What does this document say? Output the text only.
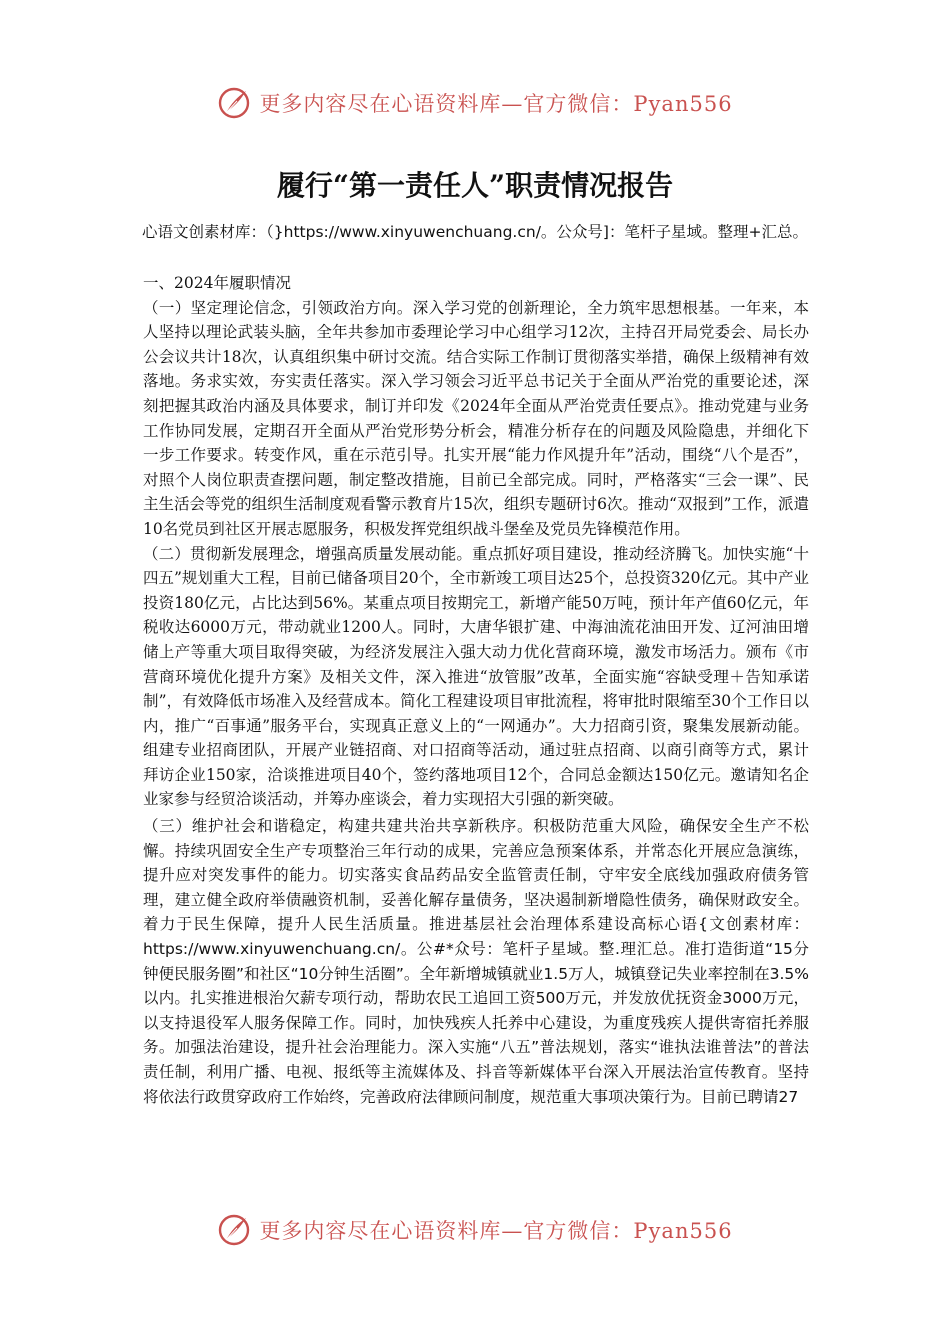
更多内容尽在心语资料库—官方微信：Pyan556
履行“第一责任人”职责情况报告
心语文创素材库：（}https://www.xinyuwenchuang.cn/。公众号]：笔杆子星域。整理+汇总。

一、2024年履职情况

（一）坚定理论信念，引领政治方向。深入学习党的创新理论，全力筑牢思想根基。一年来，本人坚持以理论武装头脑，全年共参加市委理论学习中心组学习12次，主持召开局党委会、局长办公会议共计18次，认真组织集中研讨交流。结合实际工作制订贯彻落实举措，确保上级精神有效落地。务求实效，夯实责任落实。深入学习领会习近平总书记关于全面从严治党的重要论述，深刻把握其政治内涵及具体要求，制订并印发《2024年全面从严治党责任要点》。推动党建与业务工作协同发展，定期召开全面从严治党形势分析会，精准分析存在的问题及风险隐患，并细化下一步工作要求。转变作风，重在示范引导。扎实开展“能力作风提升年”活动，围绕“八个是否”，对照个人岗位职责查摆问题，制定整改措施，目前已全部完成。同时，严格落实“三会一课”、民主生活会等党的组织生活制度观看警示教育片15次，组织专题研讨6次。推动“双报到”工作，派遣10名党员到社区开展志愿服务，积极发挥党组织战斗堡垒及党员先锋模范作用。

（二）贯彻新发展理念，增强高质量发展动能。重点抓好项目建设，推动经济腾飞。加快实施“十四五”规划重大工程，目前已储备项目20个，全市新竣工项目达25个，总投资320亿元。其中产业投资180亿元，占比达到56%。某重点项目按期完工，新增产能50万吨，预计年产值60亿元，年税收达6000万元，带动就业1200人。同时，大唐华银扩建、中海油流花油田开发、辽河油田增储上产等重大项目取得突破，为经济发展注入强大动力优化营商环境，激发市场活力。颁布《市营商环境优化提升方案》及相关文件，深入推进“放管服”改革，全面实施“容缺受理＋告知承诺制”，有效降低市场准入及经营成本。简化工程建设项目审批流程，将审批时限缩至30个工作日以内，推广“百事通”服务平台，实现真正意义上的“一网通办”。大力招商引资，聚集发展新动能。组建专业招商团队，开展产业链招商、对口招商等活动，通过驻点招商、以商引商等方式，累计拜访企业150家，洽谈推进项目40个，签约落地项目12个，合同总金额达150亿元。邀请知名企业家参与经贸洽谈活动，并筹办座谈会，着力实现招大引强的新突破。

（三）维护社会和谐稳定，构建共建共治共享新秩序。积极防范重大风险，确保安全生产不松懈。持续巩固安全生产专项整治三年行动的成果，完善应急预案体系，并常态化开展应急演练，提升应对突发事件的能力。切实落实食品药品安全监管责任制，守牢安全底线加强政府债务管理，建立健全政府举债融资机制，妥善化解存量债务，坚决遏制新增隐性债务，确保财政安全。着力于民生保障，提升人民生活质量。推进基层社会治理体系建设高标心语{文创素材库：https://www.xinyuwenchuang.cn/。公#*众号：笔杆子星域。整.理汇总。准打造街道“15分钟便民服务圈”和社区“10分钟生活圈”。全年新增城镇就业1.5万人，城镇登记失业率控制在3.5%以内。扎实推进根治欠薪专项行动，帮助农民工追回工资500万元，并发放优抚资金3000万元，以支持退役军人服务保障工作。同时，加快残疾人托养中心建设，为重度残疾人提供寄宿托养服务。加强法治建设，提升社会治理能力。深入实施“八五”普法规划，落实“谁执法谁普法”的普法责任制，利用广播、电视、报纸等主流媒体及、抖音等新媒体平台深入开展法治宣传教育。坚持将依法行政贯穿政府工作始终，完善政府法律顾问制度，规范重大事项决策行为。目前已聘请27

更多内容尽在心语资料库—官方微信：Pyan556
